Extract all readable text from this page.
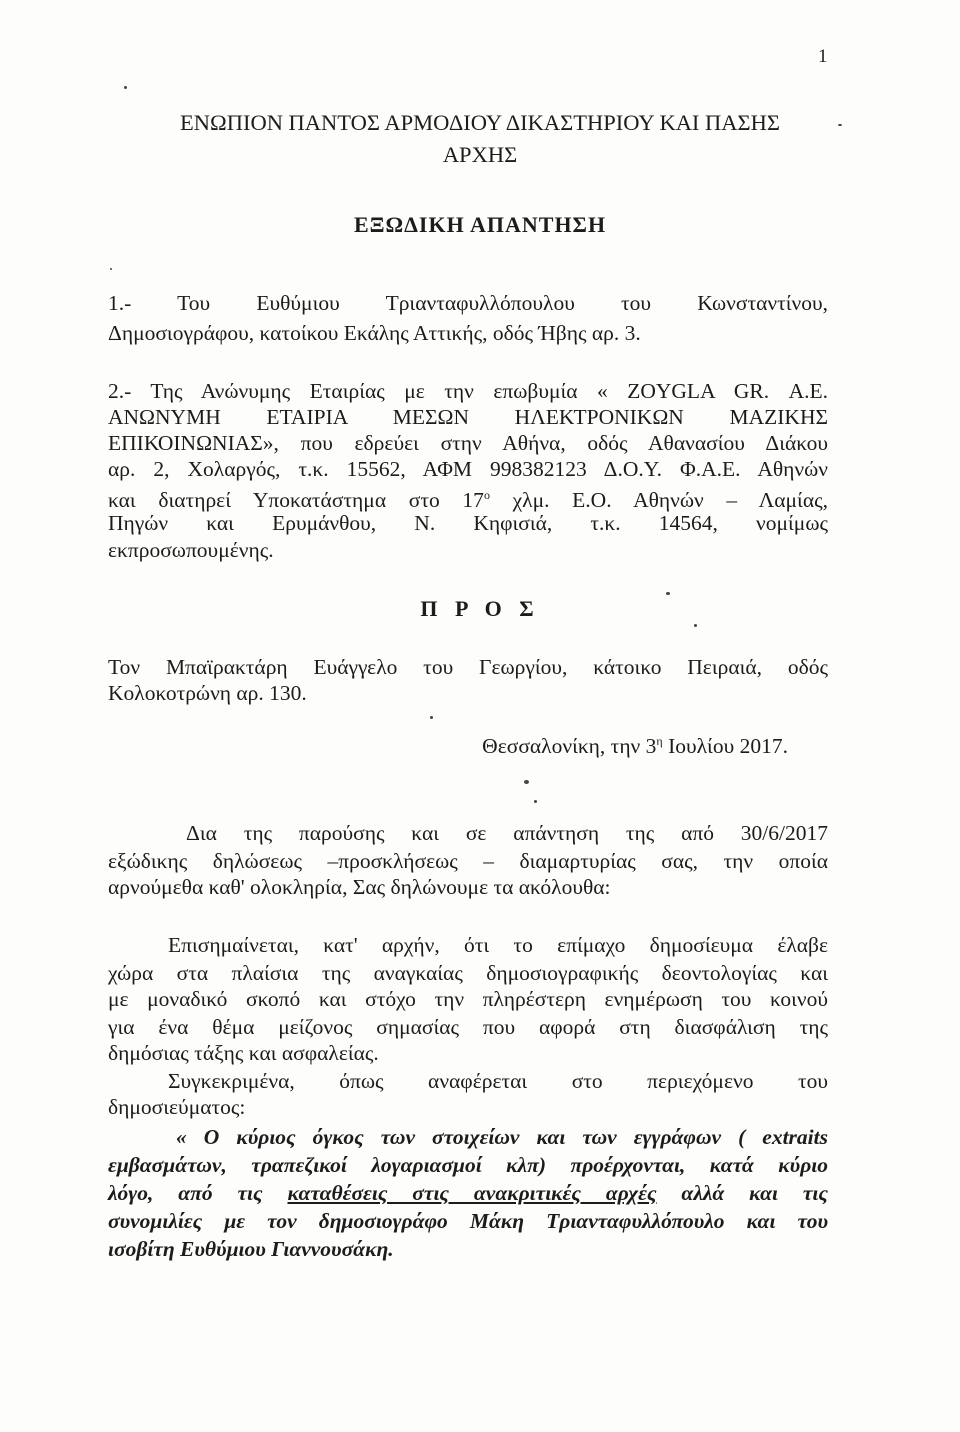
1
ΕΝΩΠΙΟΝ ΠΑΝΤΟΣ ΑΡΜΟΔΙΟΥ ΔΙΚΑΣΤΗΡΙΟΥ ΚΑΙ ΠΑΣΗΣ
ΑΡΧΗΣ
ΕΞΩΔΙΚΗ ΑΠΑΝΤΗΣΗ
1.- Του Ευθύμιου Τριανταφυλλόπουλου του Κωνσταντίνου,
Δημοσιογράφου, κατοίκου Εκάλης Αττικής, οδός Ήβης αρ. 3.
2.- Της Ανώνυμης Εταιρίας με την επωβυμία « ZOYGLA GR. Α.Ε.
ΑΝΩΝΥΜΗ ΕΤΑΙΡΙΑ ΜΕΣΩΝ ΗΛΕΚΤΡΟΝΙΚΩΝ ΜΑΖΙΚΗΣ
ΕΠΙΚΟΙΝΩΝΙΑΣ», που εδρεύει στην Αθήνα, οδός Αθανασίου Διάκου
αρ. 2, Χολαργός, τ.κ. 15562, ΑΦΜ 998382123 Δ.Ο.Υ. Φ.Α.Ε. Αθηνών
και διατηρεί Υποκατάστημα στο $17^o$ χλμ. Ε.Ο. Αθηνών – Λαμίας,
Πηγών και Ερυμάνθου, Ν. Κηφισιά, τ.κ. 14564, νομίμως
εκπροσωπουμένης.
Π Ρ Ο Σ
Τον Μπαϊρακτάρη Ευάγγελο του Γεωργίου, κάτοικο Πειραιά, οδός
Κολοκοτρώνη αρ. 130.
Θεσσαλονίκη, την $3^\eta$ Ιουλίου 2017.
Δια της παρούσης και σε απάντηση της από 30/6/2017
εξώδικης δηλώσεως –προσκλήσεως – διαμαρτυρίας σας, την οποία
αρνούμεθα καθ' ολοκληρία, Σας δηλώνουμε τα ακόλουθα:
Επισημαίνεται, κατ' αρχήν, ότι το επίμαχο δημοσίευμα έλαβε
χώρα στα πλαίσια της αναγκαίας δημοσιογραφικής δεοντολογίας και
με μοναδικό σκοπό και στόχο την πληρέστερη ενημέρωση του κοινού
για ένα θέμα μείζονος σημασίας που αφορά στη διασφάλιση της
δημόσιας τάξης και ασφαλείας.
Συγκεκριμένα, όπως αναφέρεται στο περιεχόμενο του
δημοσιεύματος:
« Ο κύριος όγκος των στοιχείων και των εγγράφων ( extraits
εμβασμάτων, τραπεζικοί λογαριασμοί κλπ) προέρχονται, κατά κύριο
λόγο, από τις καταθέσεις στις ανακριτικές αρχές αλλά και τις
συνομιλίες με τον δημοσιογράφο Μάκη Τριανταφυλλόπουλο και του
ισοβίτη Ευθύμιου Γιαννουσάκη.
